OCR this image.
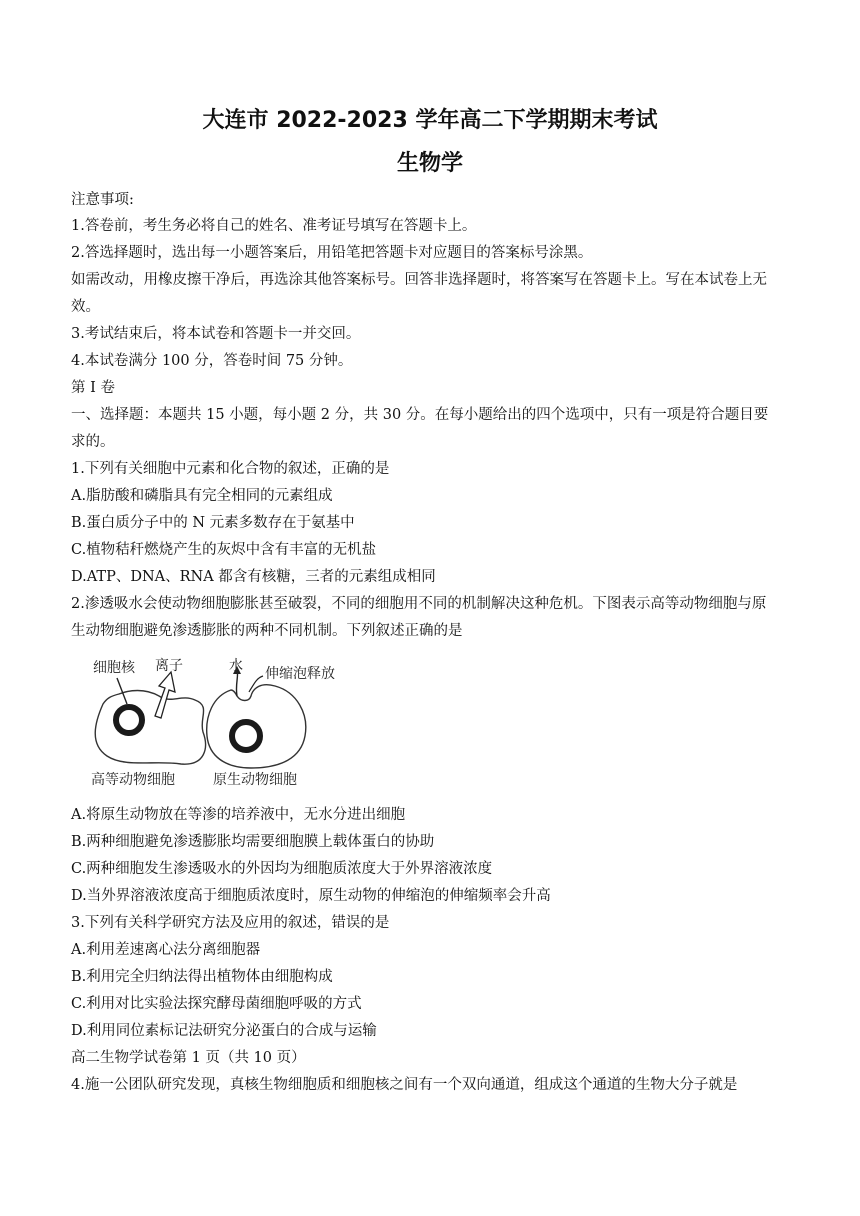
大连市 2022-2023 学年高二下学期期末考试
生物学
注意事项:
1.答卷前，考生务必将自己的姓名、准考证号填写在答题卡上。
2.答选择题时，选出每一小题答案后，用铅笔把答题卡对应题目的答案标号涂黑。
如需改动，用橡皮擦干净后，再选涂其他答案标号。回答非选择题时，将答案写在答题卡上。写在本试卷上无
效。
3.考试结束后，将本试卷和答题卡一并交回。
4.本试卷满分 100 分，答卷时间 75 分钟。
第 I 卷
一、选择题：本题共 15 小题，每小题 2 分，共 30 分。在每小题给出的四个选项中，只有一项是符合题目要
求的。
1.下列有关细胞中元素和化合物的叙述，正确的是
A.脂肪酸和磷脂具有完全相同的元素组成
B.蛋白质分子中的 N 元素多数存在于氨基中
C.植物秸秆燃烧产生的灰烬中含有丰富的无机盐
D.ATP、DNA、RNA 都含有核糖，三者的元素组成相同
2.渗透吸水会使动物细胞膨胀甚至破裂，不同的细胞用不同的机制解决这种危机。下图表示高等动物细胞与原
生动物细胞避免渗透膨胀的两种不同机制。下列叙述正确的是
细胞核 离子	水 伸缩泡释放
高等动物细胞	原生动物细胞
A.将原生动物放在等渗的培养液中，无水分进出细胞
B.两种细胞避免渗透膨胀均需要细胞膜上载体蛋白的协助
C.两种细胞发生渗透吸水的外因均为细胞质浓度大于外界溶液浓度
D.当外界溶液浓度高于细胞质浓度时，原生动物的伸缩泡的伸缩频率会升高
3.下列有关科学研究方法及应用的叙述，错误的是
A.利用差速离心法分离细胞器
B.利用完全归纳法得出植物体由细胞构成
C.利用对比实验法探究酵母菌细胞呼吸的方式
D.利用同位素标记法研究分泌蛋白的合成与运输
高二生物学试卷第 1 页（共 10 页）
4.施一公团队研究发现，真核生物细胞质和细胞核之间有一个双向通道，组成这个通道的生物大分子就是
